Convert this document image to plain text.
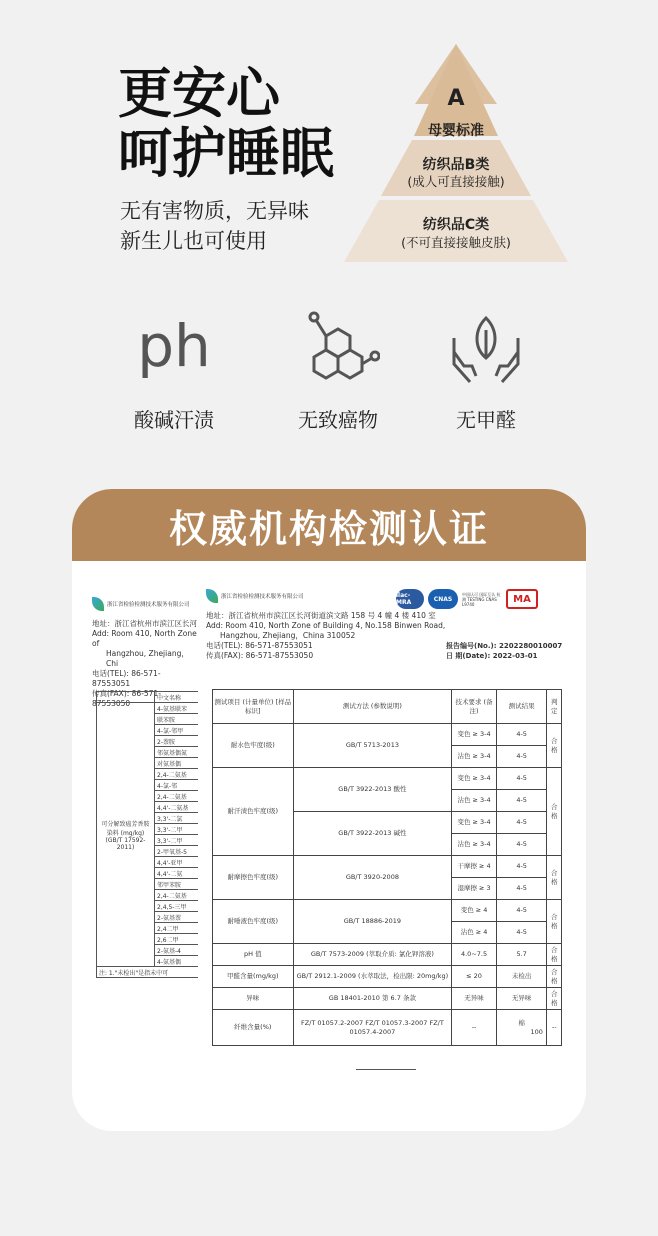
更安心
呵护睡眠
无有害物质，无异味
新生儿也可使用
A
母婴标准
纺织品B类
(成人可直接接触)
纺织品C类
(不可直接接触皮肤)
ph
酸碱汗渍	无致癌物	无甲醛
权威机构检测认证
浙江省检验检测技术服务有限公司

地址：浙江省杭州市滨江区长河

Add: Room 410, North Zone of

Hangzhou, Zhejiang，Chi

电话(TEL): 86-571-87553051

传真(FAX): 86-571-87553050

	中文名称
可分解致癌芳香胺染料 (mg/kg) (GB/T 17592-2011)	4-氨基联苯
	联苯胺
	4-氯-邻甲
	2-萘胺
	邻氨基偶氮
	对氨基偶
	2,4-二氨基
	4-氯-邻
	2,4-二氨基
	4,4'-二氨基
	3,3'-二氯
	3,3'-二甲
	3,3'-二甲
	2-甲氧基-5
	4,4'-亚甲
	4,4'-二氨
	邻甲苯胺
	2,4-二氨基
	2,4,5-三甲
	2-氨基萘
	2,4二甲
	2,6二甲
	2-氨基-4
	4-氨基偶
注: 1."未检出"是指未中可	
浙江省检验检测技术服务有限公司	ilac-MRA	CNAS
中国认可 国际互认 检测 TESTING CNAS L9740	MA

地址：浙江省杭州市滨江区长河街道滨文路 158 号 4 幢 4 楼 410 室

Add: Room 410, North Zone of Building 4, No.158 Binwen Road,

Hangzhou, Zhejiang，China 310052

电话(TEL): 86-571-87553051

传真(FAX): 86-571-87553050

报告编号(No.): 2202280010007

日 期(Date): 2022-03-01

测试项目 (计量单位) [样品标识]	测试方法 (参数说明)	技术要求 (备注)	测试结果	判定
耐水色牢度(级)	GB/T 5713-2013	变色 ≥ 3-4	4-5	合格
		沾色 ≥ 3-4	4-5	
耐汗渍色牢度(级)	GB/T 3922-2013 酸性	变色 ≥ 3-4	4-5	合格
		沾色 ≥ 3-4	4-5	
	GB/T 3922-2013 碱性	变色 ≥ 3-4	4-5	
		沾色 ≥ 3-4	4-5	
耐摩擦色牢度(级)	GB/T 3920-2008	干摩擦 ≥ 4	4-5	合格
		湿摩擦 ≥ 3	4-5	
耐唾液色牢度(级)	GB/T 18886-2019	变色 ≥ 4	4-5	合格
		沾色 ≥ 4	4-5	
pH 值	GB/T 7573-2009 (萃取介质: 氯化钾溶液)	4.0~7.5	5.7	合格
甲醛含量(mg/kg)	GB/T 2912.1-2009 (水萃取法，检出限: 20mg/kg)	≤ 20	未检出	合格
异味	GB 18401-2010 第 6.7 条款	无异味	无异味	合格
纤维含量(%)	FZ/T 01057.2-2007 FZ/T 01057.3-2007 FZ/T 01057.4-2007	--	棉100	--
